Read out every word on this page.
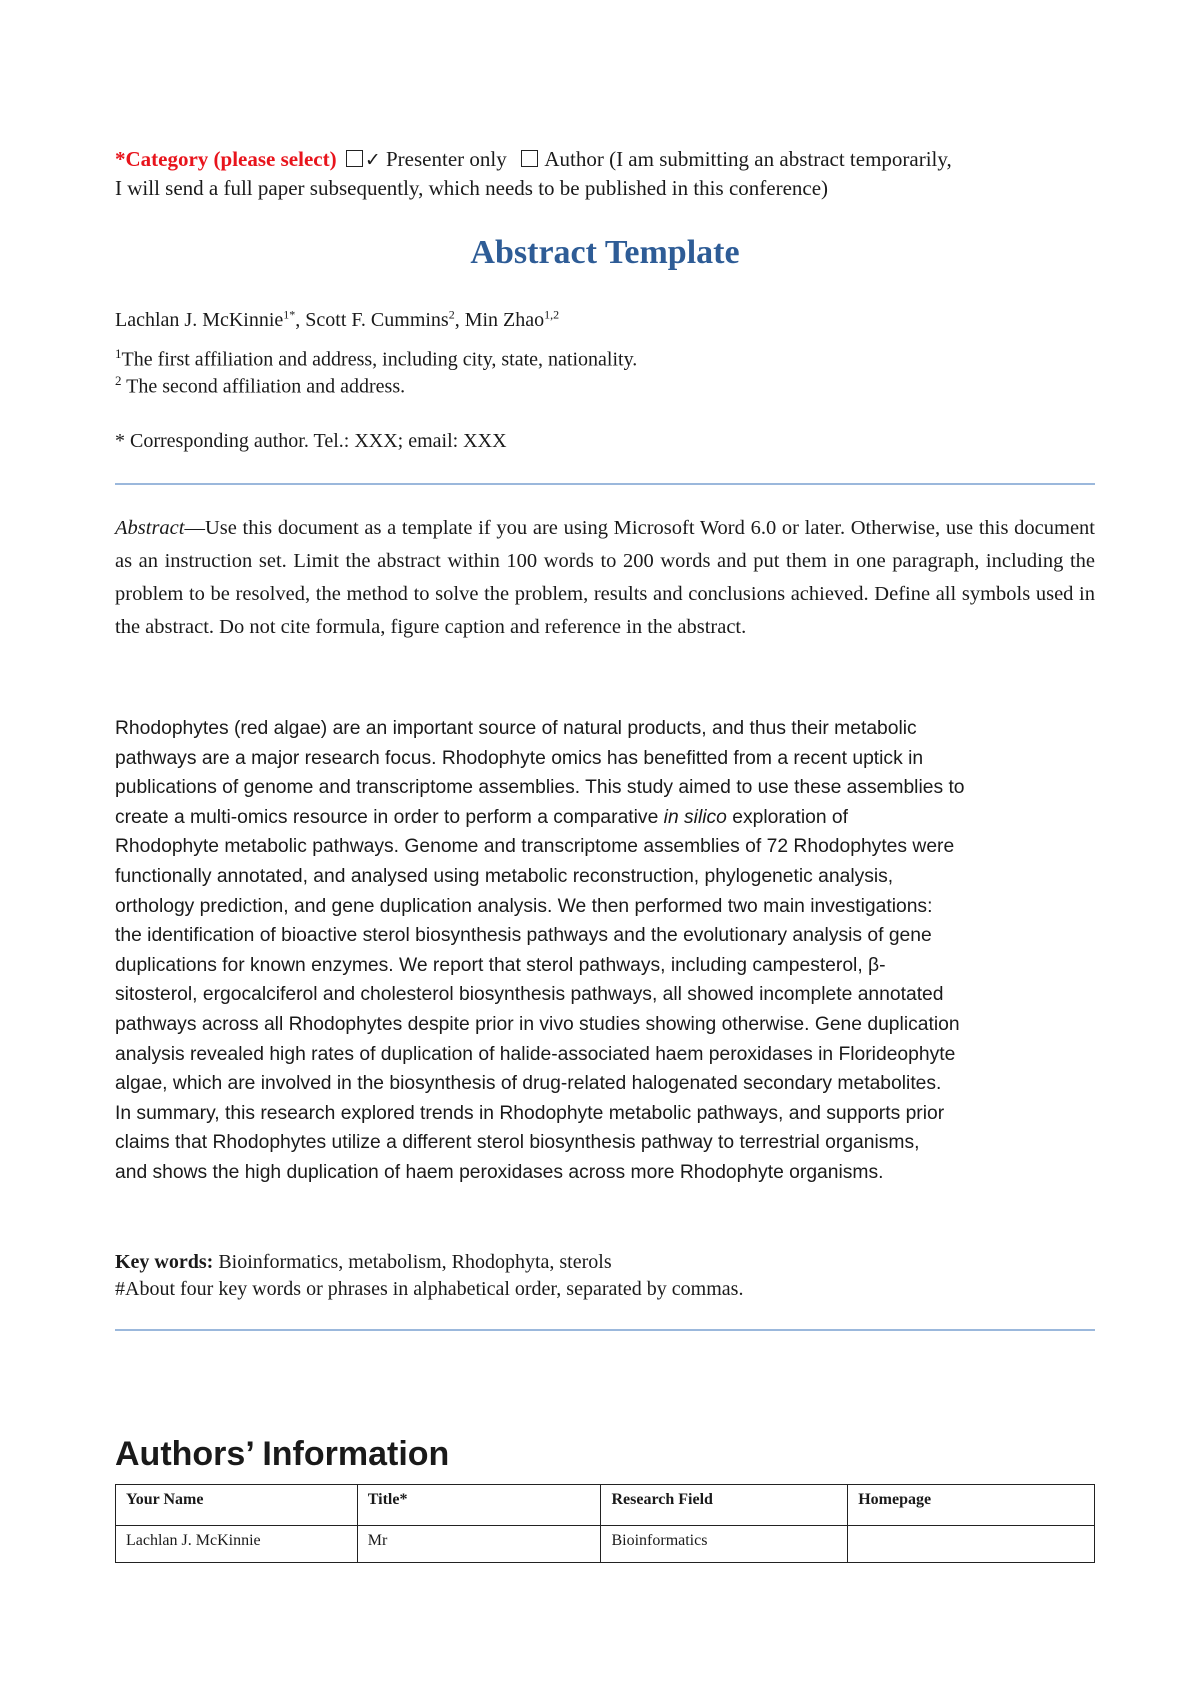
*Category (please select) ✓ Presenter only Author (I am submitting an abstract temporarily,
I will send a full paper subsequently, which needs to be published in this conference)
Abstract Template
Lachlan J. McKinnie$^{1*}$, Scott F. Cummins$^2$, Min Zhao$^{1,2}$
$^1$The first affiliation and address, including city, state, nationality.
$^2$ The second affiliation and address.
* Corresponding author. Tel.: XXX; email: XXX
Abstract—Use this document as a template if you are using Microsoft Word 6.0 or later. Otherwise, use this document as an instruction set. Limit the abstract within 100 words to 200 words and put them in one paragraph, including the problem to be resolved, the method to solve the problem, results and conclusions achieved. Define all symbols used in the abstract. Do not cite formula, figure caption and reference in the abstract.
Rhodophytes (red algae) are an important source of natural products, and thus their metabolic
pathways are a major research focus. Rhodophyte omics has benefitted from a recent uptick in
publications of genome and transcriptome assemblies. This study aimed to use these assemblies to
create a multi-omics resource in order to perform a comparative in silico exploration of
Rhodophyte metabolic pathways. Genome and transcriptome assemblies of 72 Rhodophytes were
functionally annotated, and analysed using metabolic reconstruction, phylogenetic analysis,
orthology prediction, and gene duplication analysis. We then performed two main investigations:
the identification of bioactive sterol biosynthesis pathways and the evolutionary analysis of gene
duplications for known enzymes. We report that sterol pathways, including campesterol, β-
sitosterol, ergocalciferol and cholesterol biosynthesis pathways, all showed incomplete annotated
pathways across all Rhodophytes despite prior in vivo studies showing otherwise. Gene duplication
analysis revealed high rates of duplication of halide-associated haem peroxidases in Florideophyte
algae, which are involved in the biosynthesis of drug-related halogenated secondary metabolites.
In summary, this research explored trends in Rhodophyte metabolic pathways, and supports prior
claims that Rhodophytes utilize a different sterol biosynthesis pathway to terrestrial organisms,
and shows the high duplication of haem peroxidases across more Rhodophyte organisms.
Key words: Bioinformatics, metabolism, Rhodophyta, sterols
#About four key words or phrases in alphabetical order, separated by commas.
Authors’ Information
Your Name	Title*	Research Field	Homepage
Lachlan J. McKinnie	Mr	Bioinformatics	
